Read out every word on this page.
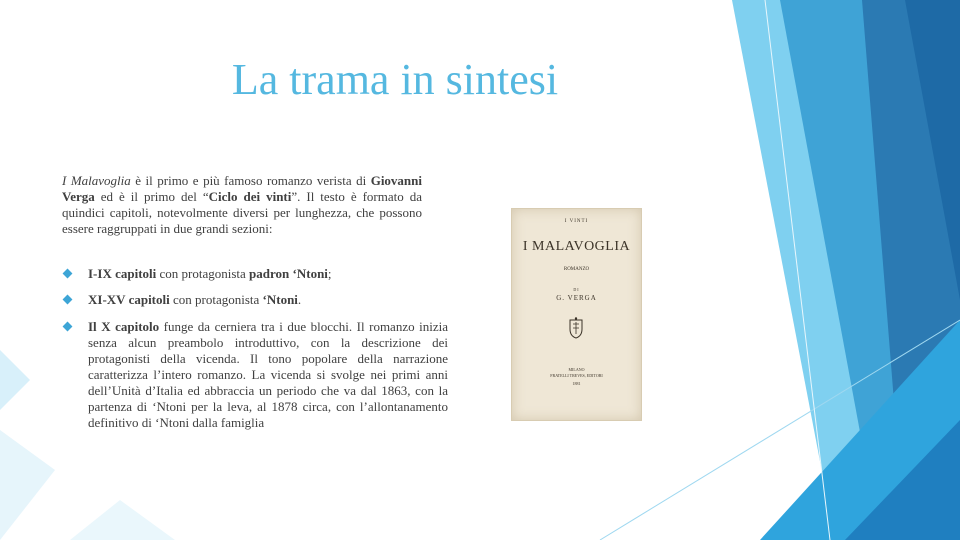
La trama in sintesi

I Malavoglia è il primo e più famoso romanzo verista di Giovanni Verga ed è il primo del “Ciclo dei vinti”. Il testo è formato da quindici capitoli, notevolmente diversi per lunghezza, che possono essere raggruppati in due grandi sezioni:

I-IX capitoli con protagonista padron ‘Ntoni;
XI-XV capitoli con protagonista ‘Ntoni.
Il X capitolo funge da cerniera tra i due blocchi. Il romanzo inizia senza alcun preambolo introduttivo, con la descrizione dei protagonisti della vicenda. Il tono popolare della narrazione caratterizza l’intero romanzo. La vicenda si svolge nei primi anni dell’Unità d’Italia ed abbraccia un periodo che va dal 1863, con la partenza di ‘Ntoni per la leva, al 1878 circa, con l’allontanamento definitivo di ‘Ntoni dalla famiglia
I VINTI
I MALAVOGLIA
ROMANZO
DI
G. VERGA
MILANO
FRATELLI TREVES, EDITORI
1881
